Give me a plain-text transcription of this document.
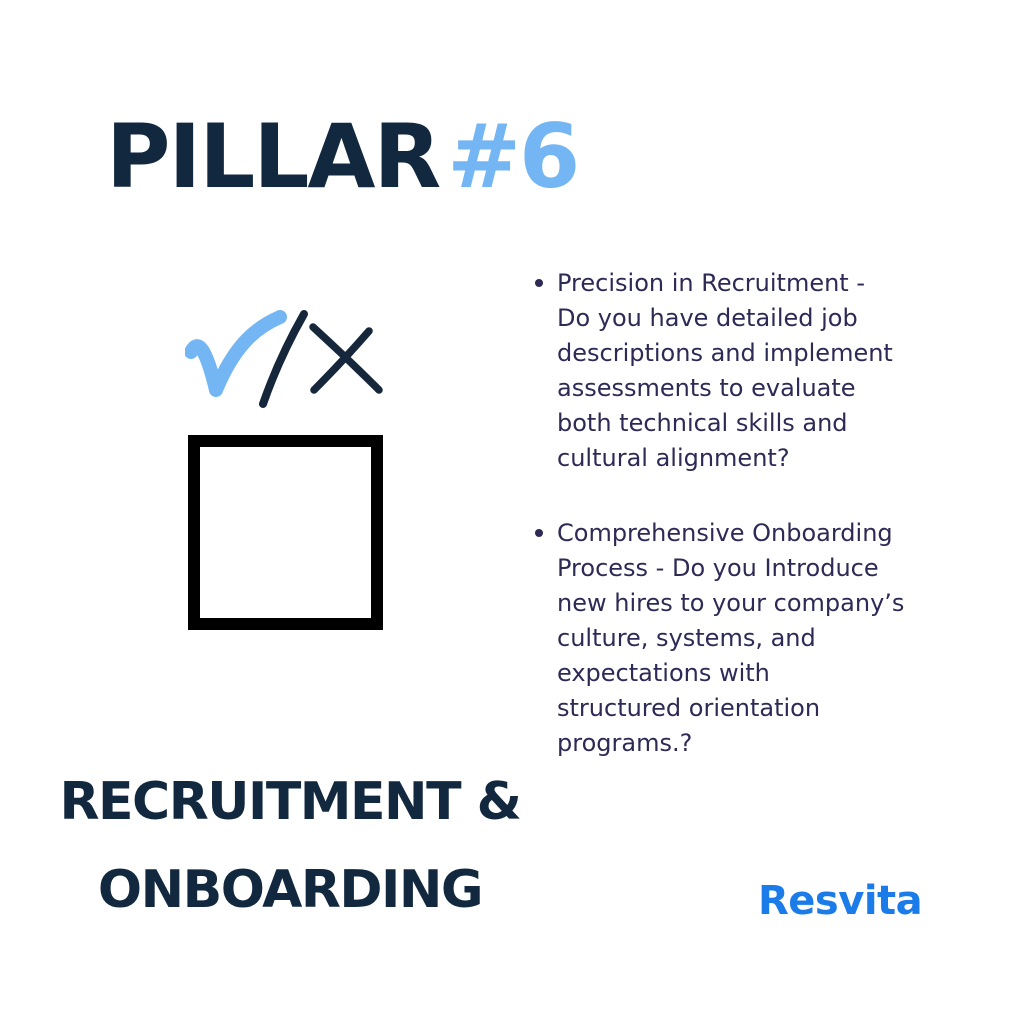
PILLAR#6
Precision in Recruitment -
Do you have detailed job
descriptions and implement
assessments to evaluate
both technical skills and
cultural alignment?
Comprehensive Onboarding
Process - Do you Introduce
new hires to your company’s
culture, systems, and
expectations with
structured orientation
programs.?
RECRUITMENT &
ONBOARDING	Resvita
